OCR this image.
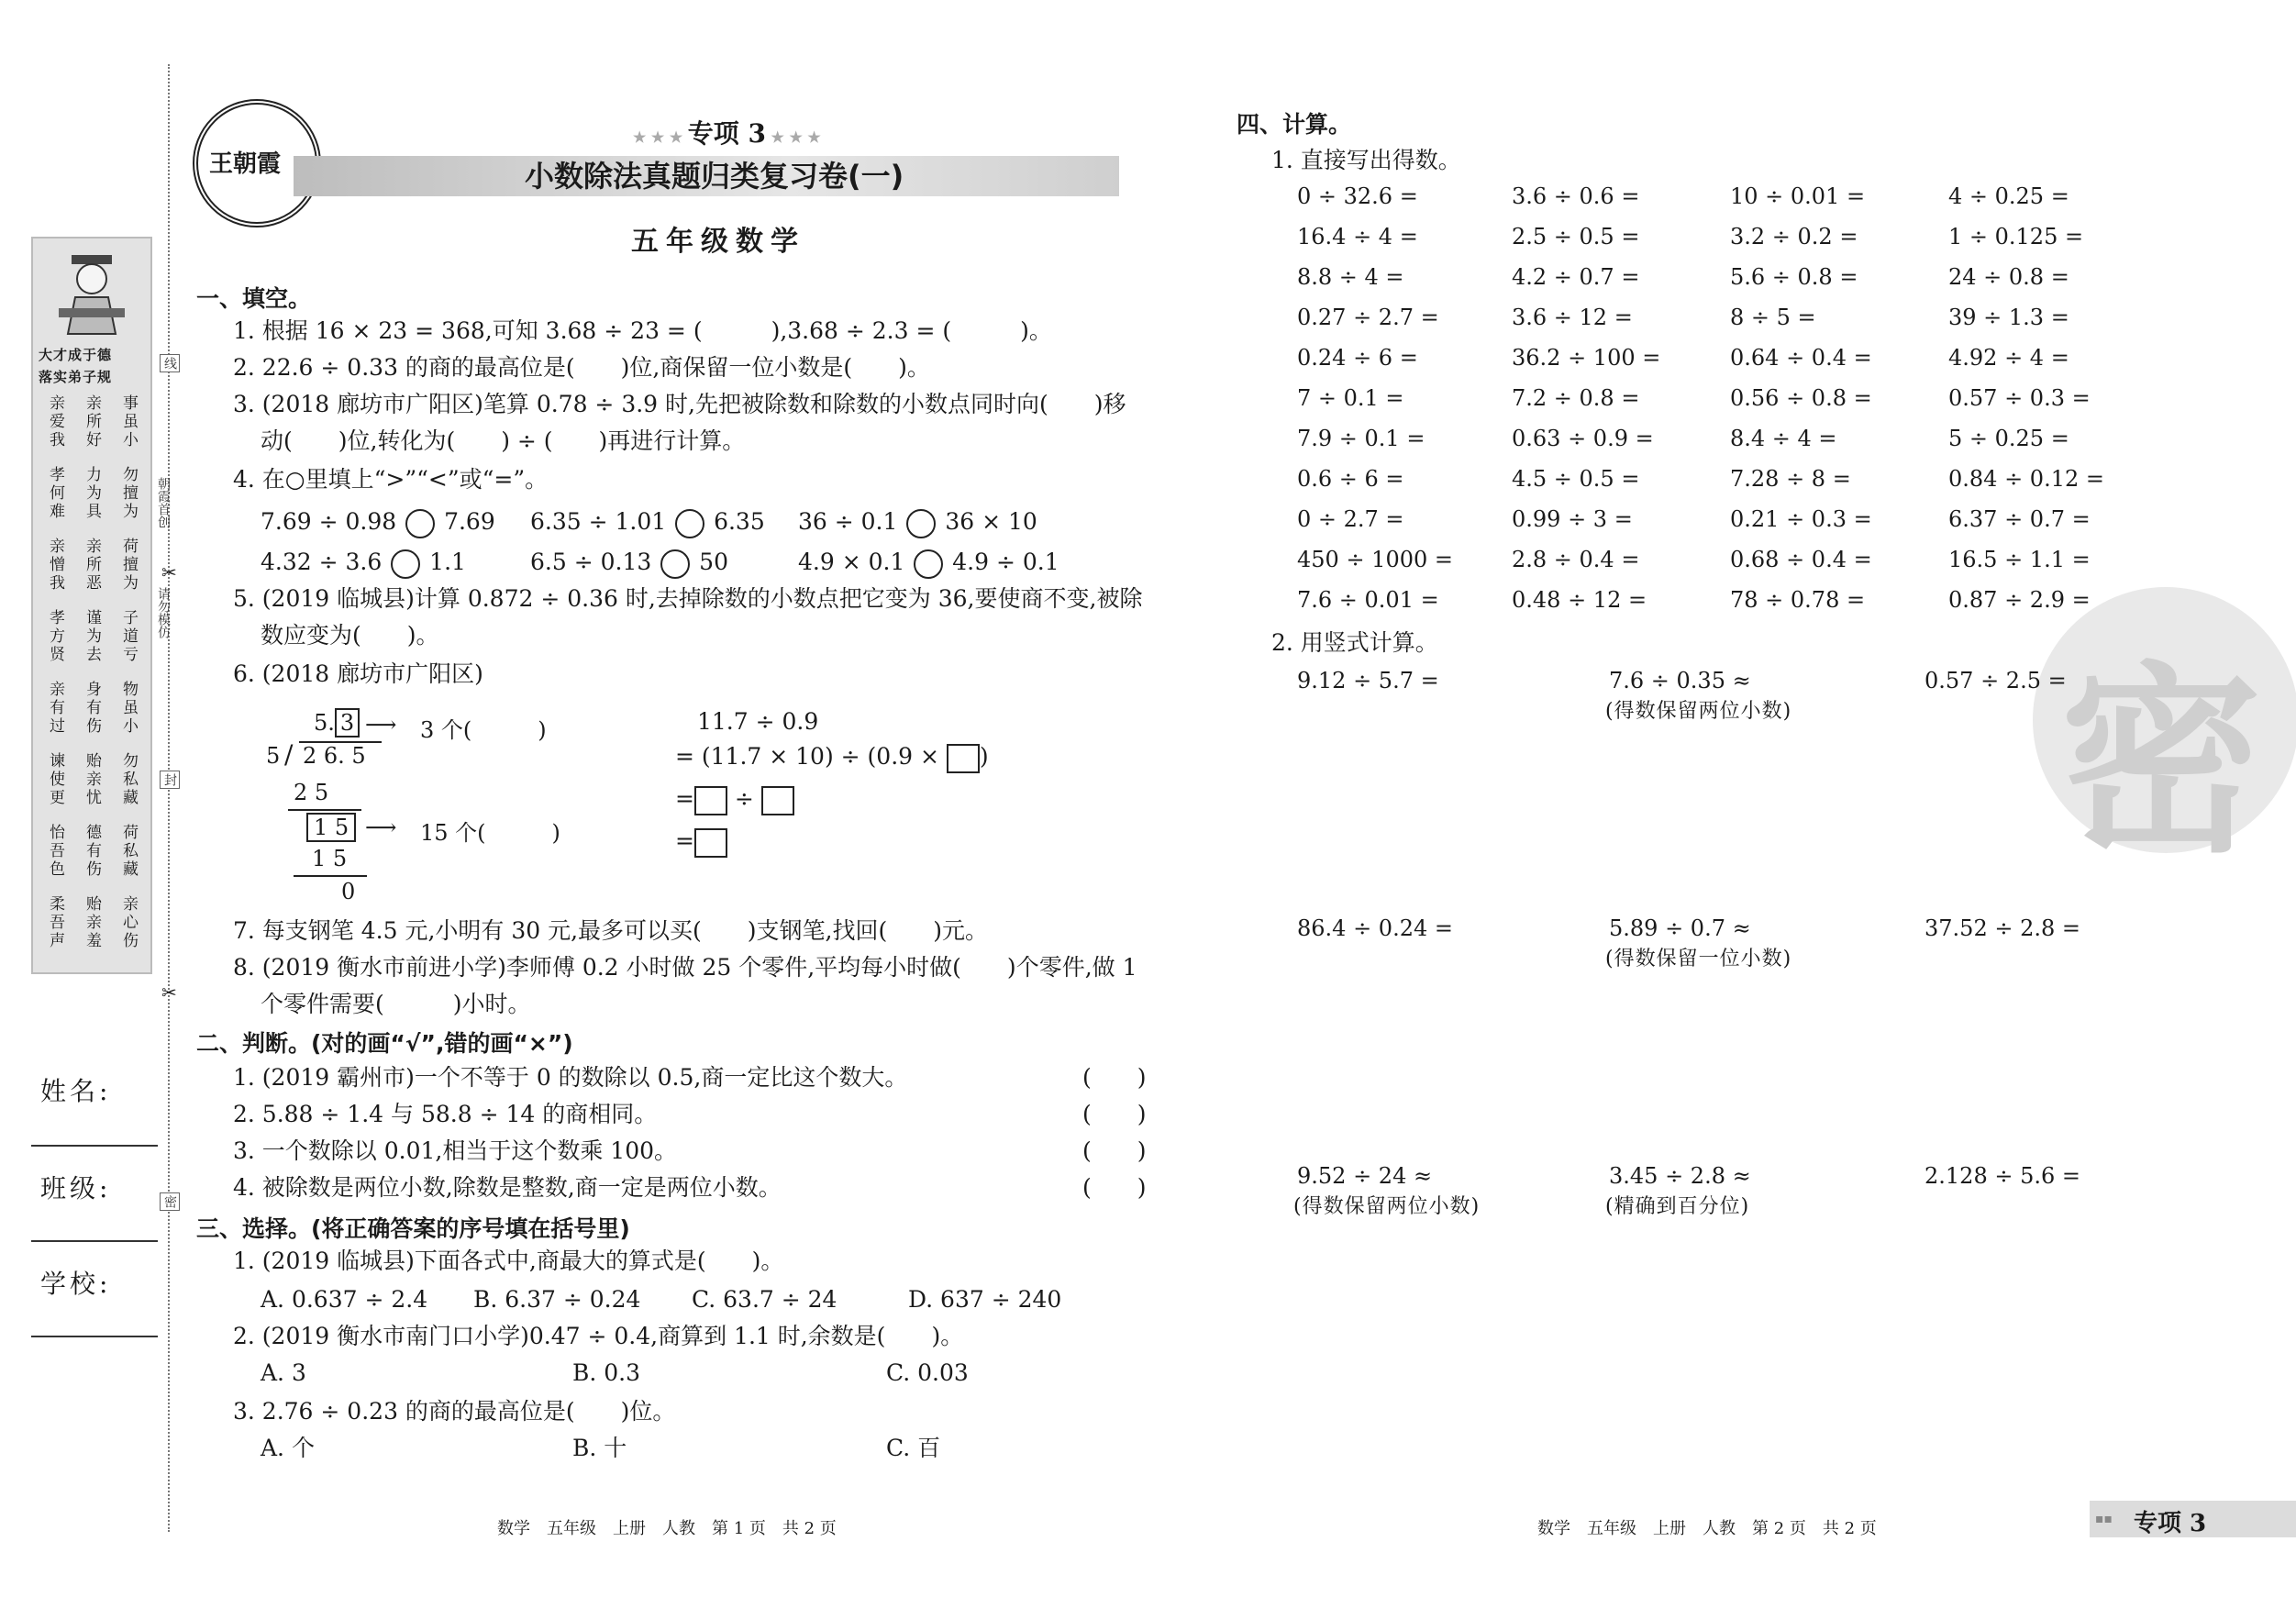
大才成于德
落实弟子规
亲爱我 亲所好 事虽小
孝何难 力为具 勿擅为
亲憎我 亲所恶 荷擅为
孝方贤 谨为去 子道亏
亲有过 身有伤 物虽小
谏使更 贻亲忧 勿私藏
怡吾色 德有伤 荷私藏
柔吾声 贻亲羞 亲心伤
线
朝霞首创
✂
请勿模仿
封
✂
密
姓名:
班级:
学校:
王朝霞
★ ★ ★ 专项 3 ★ ★ ★
小数除法真题归类复习卷(一)
五年级数学
一、填空。
1. 根据 16 × 23 = 368,可知 3.68 ÷ 23 = (　　　),3.68 ÷ 2.3 = (　　　)。
2. 22.6 ÷ 0.33 的商的最高位是(　　)位,商保留一位小数是(　　)。
3. (2018 廊坊市广阳区)笔算 0.78 ÷ 3.9 时,先把被除数和除数的小数点同时向(　　)移
动(　　)位,转化为(　　) ÷ (　　)再进行计算。
4. 在○里填上“>”“<”或“=”。
7.69 ÷ 0.98 7.69 6.35 ÷ 1.01 6.35 36 ÷ 0.1 36 × 10
4.32 ÷ 3.6 1.1	6.5 ÷ 0.13 50	4.9 × 0.1 4.9 ÷ 0.1
5. (2019 临城县)计算 0.872 ÷ 0.36 时,去掉除数的小数点把它变为 36,要使商不变,被除
数应变为(　　)。
6. (2018 廊坊市广阳区)
5. 3 ⟶ 3 个(　　　)
5 / 2 6. 5
2 5
1 5 ⟶ 15 个(　　　)
1 5
0
11.7 ÷ 0.9
= (11.7 × 10) ÷ (0.9 × )
= ÷
=
7. 每支钢笔 4.5 元,小明有 30 元,最多可以买(　　)支钢笔,找回(　　)元。
8. (2019 衡水市前进小学)李师傅 0.2 小时做 25 个零件,平均每小时做(　　)个零件,做 1
个零件需要(　　　)小时。
二、判断。(对的画“√”,错的画“×”)
1. (2019 霸州市)一个不等于 0 的数除以 0.5,商一定比这个数大。
2. 5.88 ÷ 1.4 与 58.8 ÷ 14 的商相同。
3. 一个数除以 0.01,相当于这个数乘 100。
4. 被除数是两位小数,除数是整数,商一定是两位小数。
(　　)
(　　)
(　　)
(　　)
三、选择。(将正确答案的序号填在括号里)
1. (2019 临城县)下面各式中,商最大的算式是(　　)。
A. 0.637 ÷ 2.4 B. 6.37 ÷ 0.24 C. 63.7 ÷ 24	D. 637 ÷ 240
2. (2019 衡水市南门口小学)0.47 ÷ 0.4,商算到 1.1 时,余数是(　　)。
A. 3	B. 0.3	C. 0.03
3. 2.76 ÷ 0.23 的商的最高位是(　　)位。
A. 个	B. 十	C. 百
数学　五年级　上册　人教　第 1 页　共 2 页
密
四、计算。
1. 直接写出得数。
0 ÷ 32.6 =	3.6 ÷ 0.6 =	10 ÷ 0.01 =	4 ÷ 0.25 =
16.4 ÷ 4 =	2.5 ÷ 0.5 =	3.2 ÷ 0.2 =	1 ÷ 0.125 =
8.8 ÷ 4 =	4.2 ÷ 0.7 =	5.6 ÷ 0.8 =	24 ÷ 0.8 =
0.27 ÷ 2.7 =	3.6 ÷ 12 =	8 ÷ 5 =	39 ÷ 1.3 =
0.24 ÷ 6 =	36.2 ÷ 100 =	0.64 ÷ 0.4 =	4.92 ÷ 4 =
7 ÷ 0.1 =	7.2 ÷ 0.8 =	0.56 ÷ 0.8 =	0.57 ÷ 0.3 =
7.9 ÷ 0.1 =	0.63 ÷ 0.9 =	8.4 ÷ 4 =	5 ÷ 0.25 =
0.6 ÷ 6 =	4.5 ÷ 0.5 =	7.28 ÷ 8 =	0.84 ÷ 0.12 =
0 ÷ 2.7 =	0.99 ÷ 3 =	0.21 ÷ 0.3 =	6.37 ÷ 0.7 =
450 ÷ 1000 =	2.8 ÷ 0.4 =	0.68 ÷ 0.4 =	16.5 ÷ 1.1 =
7.6 ÷ 0.01 =	0.48 ÷ 12 =	78 ÷ 0.78 =	0.87 ÷ 2.9 =
2. 用竖式计算。
9.12 ÷ 5.7 =	7.6 ÷ 0.35 ≈
(得数保留两位小数)
0.57 ÷ 2.5 =
86.4 ÷ 0.24 =	5.89 ÷ 0.7 ≈
(得数保留一位小数)
37.52 ÷ 2.8 =
9.52 ÷ 24 ≈
(得数保留两位小数)
3.45 ÷ 2.8 ≈
(精确到百分位)
2.128 ÷ 5.6 =
数学　五年级　上册　人教　第 2 页　共 2 页	▪▪ 专项 3
